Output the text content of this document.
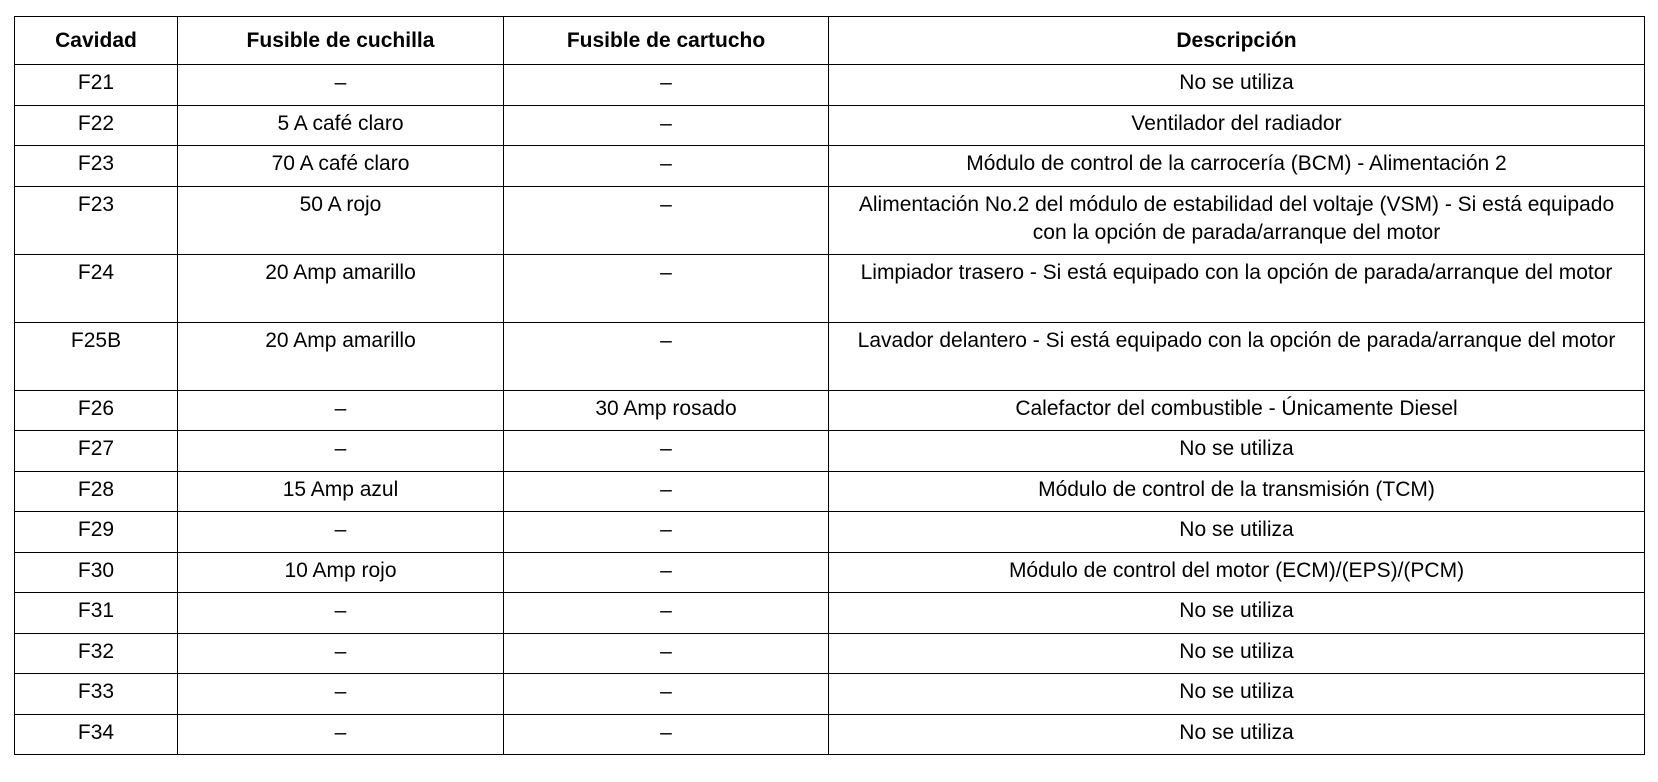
Cavidad	Fusible de cuchilla	Fusible de cartucho	Descripción
F21	–	–	No se utiliza
F22	5 A café claro	–	Ventilador del radiador
F23	70 A café claro	–	Módulo de control de la carrocería (BCM) - Alimentación 2
F23	50 A rojo	–	Alimentación No.2 del módulo de estabilidad del voltaje (VSM) - Si está equipado con la opción de parada/arranque del motor
F24	20 Amp amarillo	–	Limpiador trasero - Si está equipado con la opción de parada/arranque del motor
F25B	20 Amp amarillo	–	Lavador delantero - Si está equipado con la opción de parada/arranque del motor
F26	–	30 Amp rosado	Calefactor del combustible - Únicamente Diesel
F27	–	–	No se utiliza
F28	15 Amp azul	–	Módulo de control de la transmisión (TCM)
F29	–	–	No se utiliza
F30	10 Amp rojo	–	Módulo de control del motor (ECM)/(EPS)/(PCM)
F31	–	–	No se utiliza
F32	–	–	No se utiliza
F33	–	–	No se utiliza
F34	–	–	No se utiliza
